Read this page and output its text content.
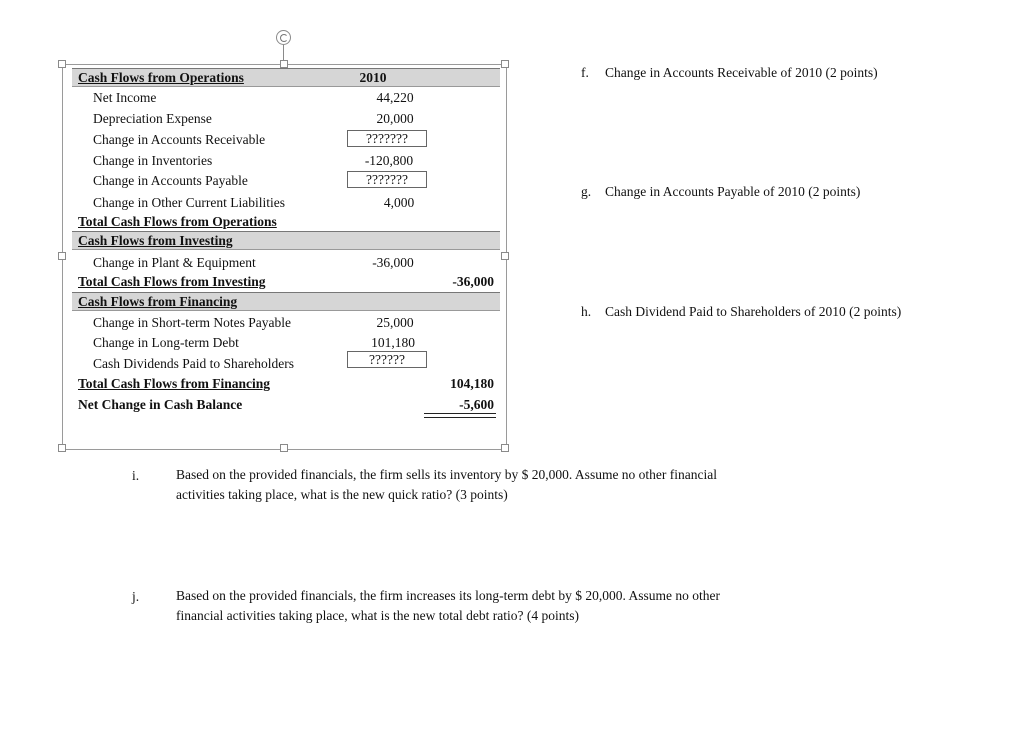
Cash Flows from Operations	2010
Net Income	44,220
Depreciation Expense	20,000
Change in Accounts Receivable	???????
Change in Inventories	-120,800
Change in Accounts Payable	???????
Change in Other Current Liabilities	4,000
Total Cash Flows from Operations
Cash Flows from Investing
Change in Plant & Equipment	-36,000
Total Cash Flows from Investing	-36,000
Cash Flows from Financing
Change in Short-term Notes Payable	25,000
Change in Long-term Debt	101,180
Cash Dividends Paid to Shareholders	??????
Total Cash Flows from Financing	104,180
Net Change in Cash Balance	-5,600
f. Change in Accounts Receivable of 2010 (2 points)
g. Change in Accounts Payable of 2010 (2 points)
h. Cash Dividend Paid to Shareholders of 2010 (2 points)
i.	Based on the provided financials, the firm sells its inventory by $ 20,000. Assume no other financial
activities taking place, what is the new quick ratio? (3 points)
j.	Based on the provided financials, the firm increases its long-term debt by $ 20,000. Assume no other
financial activities taking place, what is the new total debt ratio? (4 points)
